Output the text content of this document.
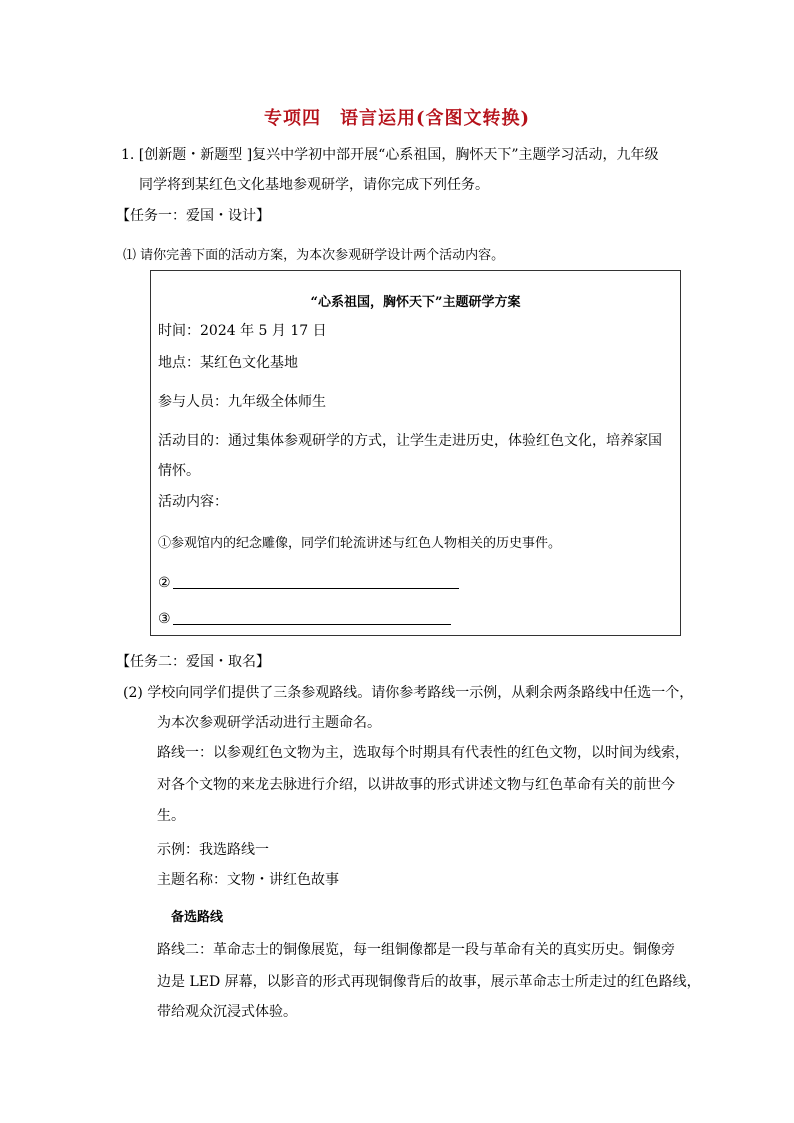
专项四　语言运用(含图文转换)
1. [创新题・新题型 ]复兴中学初中部开展“心系祖国，胸怀天下”主题学习活动，九年级
同学将到某红色文化基地参观研学，请你完成下列任务。
【任务一：爱国・设计】
⑴ 请你完善下面的活动方案，为本次参观研学设计两个活动内容。
“心系祖国，胸怀天下”主题研学方案
时间：2024 年 5 月 17 日
地点：某红色文化基地
参与人员：九年级全体师生
活动目的：通过集体参观研学的方式，让学生走进历史，体验红色文化，培养家国
情怀。
活动内容：
①参观馆内的纪念雕像，同学们轮流讲述与红色人物相关的历史事件。
②
③
【任务二：爱国・取名】
(2) 学校向同学们提供了三条参观路线。请你参考路线一示例，从剩余两条路线中任选一个，
为本次参观研学活动进行主题命名。
路线一：以参观红色文物为主，选取每个时期具有代表性的红色文物，以时间为线索，
对各个文物的来龙去脉进行介绍，以讲故事的形式讲述文物与红色革命有关的前世今
生。
示例：我选路线一
主题名称：文物・讲红色故事
备选路线
路线二：革命志士的铜像展览，每一组铜像都是一段与革命有关的真实历史。铜像旁
边是 LED 屏幕，以影音的形式再现铜像背后的故事，展示革命志士所走过的红色路线，
带给观众沉浸式体验。
